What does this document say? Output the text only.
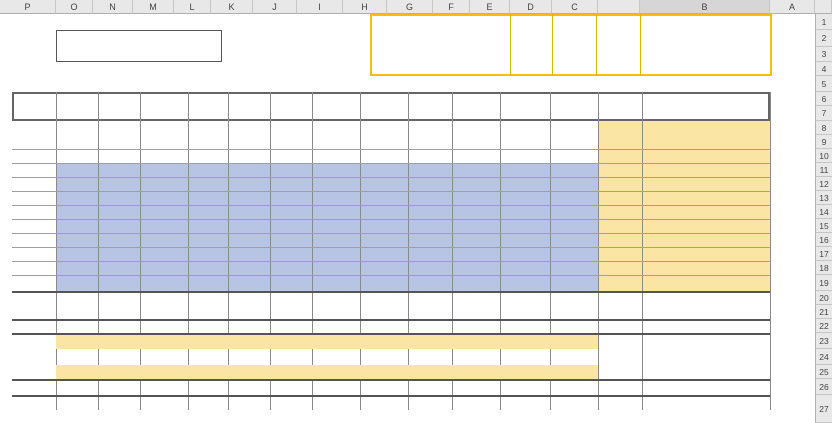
P	O	N	M	L	K	J	I	H	G	F	E	D	C	B	A
1
2
3
4
5
6
7
8
9
10
11
12
13
14
15
16
17
18
19
20
21
22
23
24
25
26
27
